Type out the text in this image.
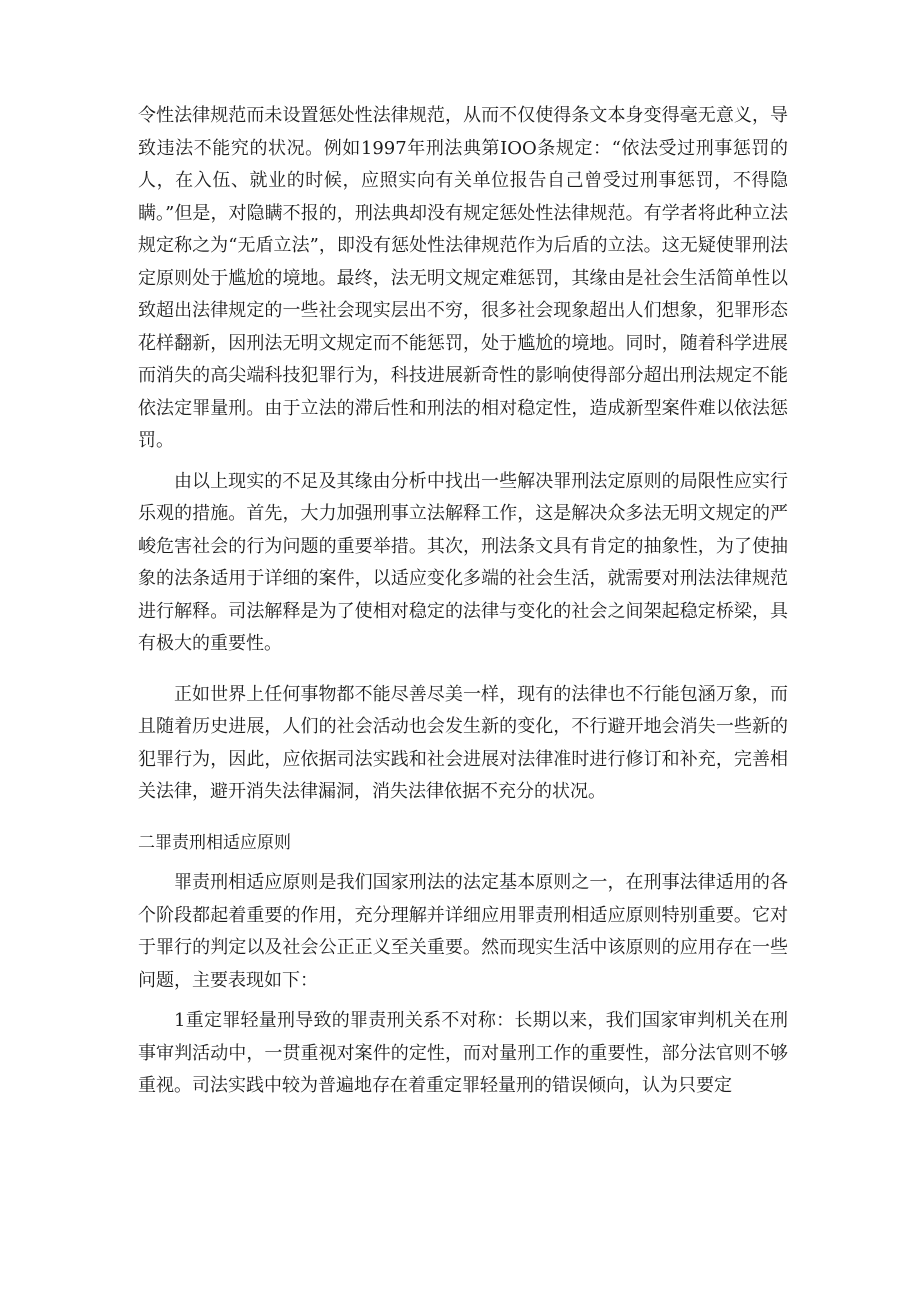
令性法律规范而未设置惩处性法律规范，从而不仅使得条文本身变得毫无意义，导致违法不能究的状况。例如1997年刑法典第IOO条规定：“依法受过刑事惩罚的人，在入伍、就业的时候，应照实向有关单位报告自己曾受过刑事惩罚，不得隐瞒。”但是，对隐瞒不报的，刑法典却没有规定惩处性法律规范。有学者将此种立法规定称之为“无盾立法”，即没有惩处性法律规范作为后盾的立法。这无疑使罪刑法定原则处于尴尬的境地。最终，法无明文规定难惩罚，其缘由是社会生活简单性以致超出法律规定的一些社会现实层出不穷，很多社会现象超出人们想象，犯罪形态花样翻新，因刑法无明文规定而不能惩罚，处于尴尬的境地。同时，随着科学进展而消失的高尖端科技犯罪行为，科技进展新奇性的影响使得部分超出刑法规定不能依法定罪量刑。由于立法的滞后性和刑法的相对稳定性，造成新型案件难以依法惩罚。

由以上现实的不足及其缘由分析中找出一些解决罪刑法定原则的局限性应实行乐观的措施。首先，大力加强刑事立法解释工作，这是解决众多法无明文规定的严峻危害社会的行为问题的重要举措。其次，刑法条文具有肯定的抽象性，为了使抽象的法条适用于详细的案件，以适应变化多端的社会生活，就需要对刑法法律规范进行解释。司法解释是为了使相对稳定的法律与变化的社会之间架起稳定桥梁，具有极大的重要性。

正如世界上任何事物都不能尽善尽美一样，现有的法律也不行能包涵万象，而且随着历史进展，人们的社会活动也会发生新的变化，不行避开地会消失一些新的犯罪行为，因此，应依据司法实践和社会进展对法律准时进行修订和补充，完善相关法律，避开消失法律漏洞，消失法律依据不充分的状况。

二罪责刑相适应原则

罪责刑相适应原则是我们国家刑法的法定基本原则之一，在刑事法律适用的各个阶段都起着重要的作用，充分理解并详细应用罪责刑相适应原则特别重要。它对于罪行的判定以及社会公正正义至关重要。然而现实生活中该原则的应用存在一些问题，主要表现如下：

1重定罪轻量刑导致的罪责刑关系不对称：长期以来，我们国家审判机关在刑事审判活动中，一贯重视对案件的定性，而对量刑工作的重要性，部分法官则不够重视。司法实践中较为普遍地存在着重定罪轻量刑的错误倾向，认为只要定
